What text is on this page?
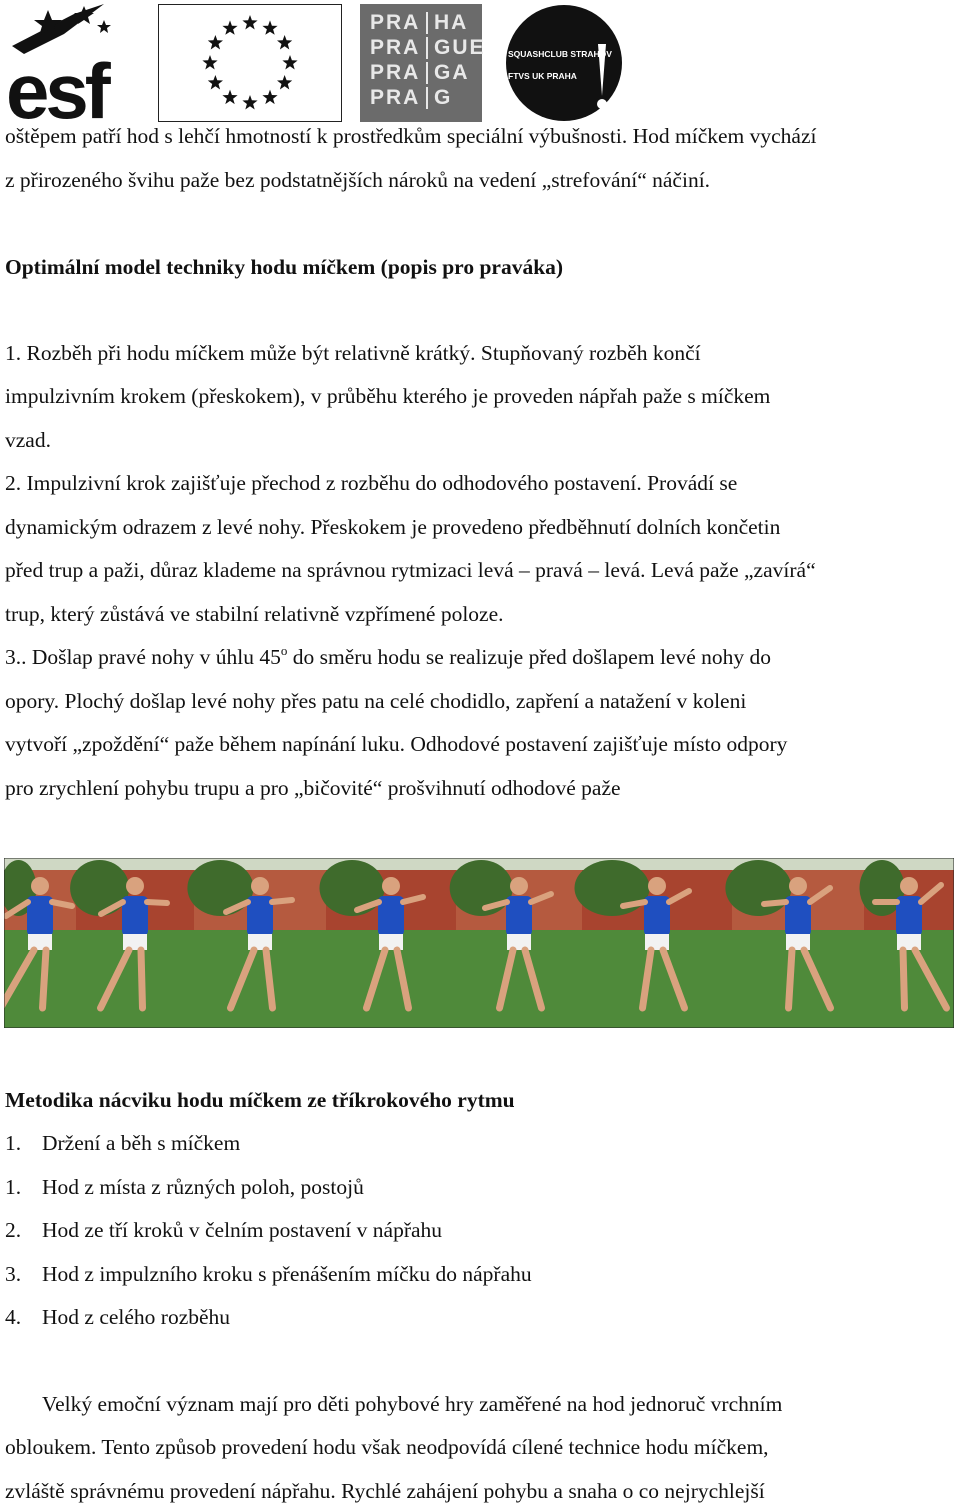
esf
PRA HA
PRA GUE
PRA GA
PRA G
SQUASHCLUB STRAHOV
FTVS UK PRAHA
oštěpem patří hod s lehčí hmotností k prostředkům speciální výbušnosti. Hod míčkem vychází
z přirozeného švihu paže bez podstatnějších nároků na vedení „strefování“ náčiní.
Optimální model techniky hodu míčkem (popis pro praváka)
1. Rozběh při hodu míčkem může být relativně krátký. Stupňovaný rozběh končí
impulzivním krokem (přeskokem), v průběhu kterého je proveden nápřah paže s míčkem
vzad.
2. Impulzivní krok zajišťuje přechod z rozběhu do odhodového postavení. Provádí se
dynamickým odrazem z levé nohy. Přeskokem je provedeno předběhnutí dolních končetin
před trup a paži, důraz klademe na správnou rytmizaci levá – pravá – levá. Levá paže „zavírá“
trup, který zůstává ve stabilní relativně vzpřímené poloze.
3.. Došlap pravé nohy v úhlu 45$^o$ do směru hodu se realizuje před došlapem levé nohy do
opory. Plochý došlap levé nohy přes patu na celé chodidlo, zapření a natažení v koleni
vytvoří „zpoždění“ paže během napínání luku. Odhodové postavení zajišťuje místo odpory
pro zrychlení pohybu trupu a pro „bičovité“ prošvihnutí odhodové paže
Metodika nácviku hodu míčkem ze tříkrokového rytmu
1. Držení a běh s míčkem
1. Hod z místa z různých poloh, postojů
2. Hod ze tří kroků v čelním postavení v nápřahu
3. Hod z impulzního kroku s přenášením míčku do nápřahu
4. Hod z celého rozběhu
Velký emoční význam mají pro děti pohybové hry zaměřené na hod jednoruč vrchním
obloukem. Tento způsob provedení hodu však neodpovídá cílené technice hodu míčkem,
zvláště správnému provedení nápřahu. Rychlé zahájení pohybu a snaha o co nejrychlejší
